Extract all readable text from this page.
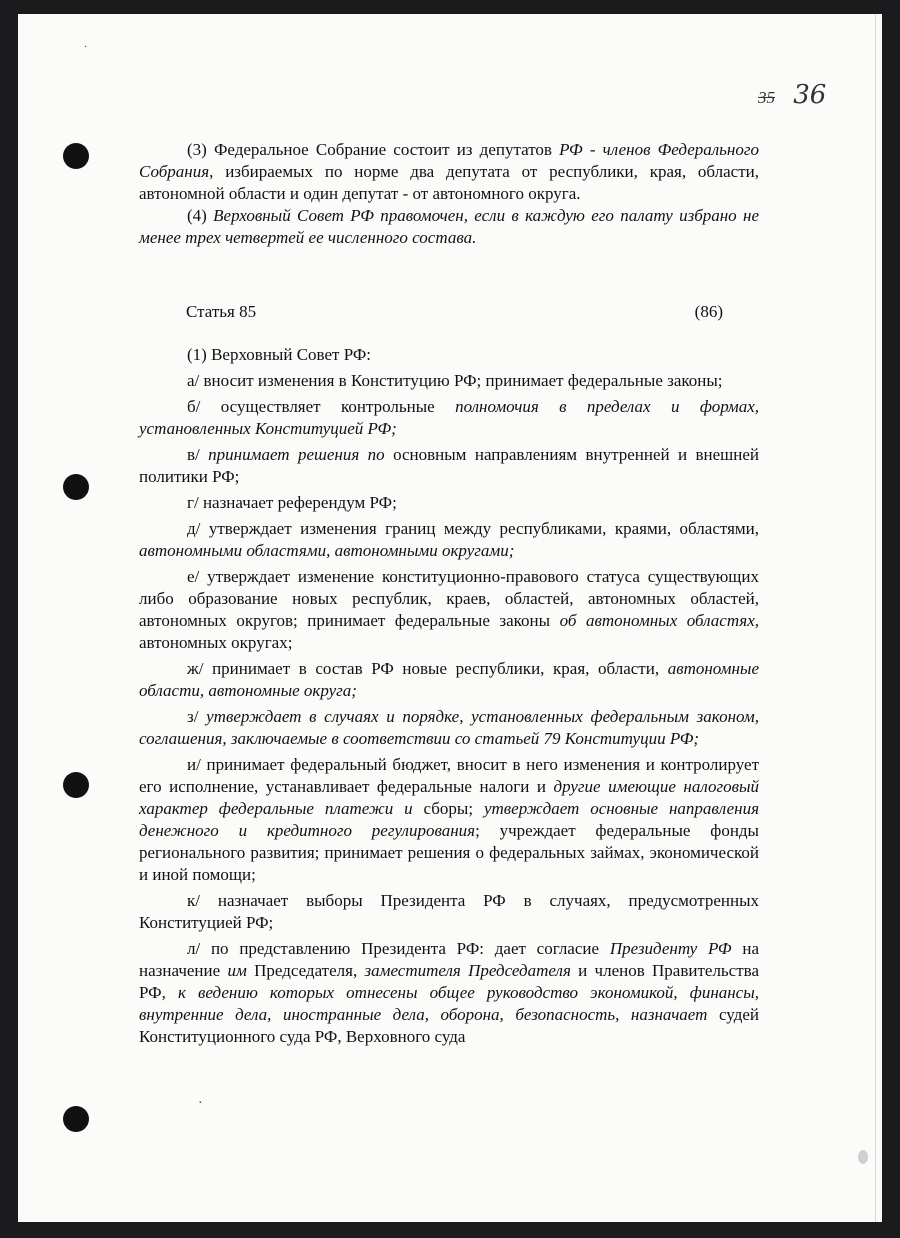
35 36

(3) Федеральное Собрание состоит из депутатов РФ - членов Федерального Собрания, избираемых по норме два депутата от республики, края, области, автономной области и один депутат - от автономного округа.

(4) Верховный Совет РФ правомочен, если в каждую его палату избрано не менее трех четвертей ее численного состава.

Статья 85	(86)

(1) Верховный Совет РФ:

а/ вносит изменения в Конституцию РФ; принимает федеральные законы;

б/ осуществляет контрольные полномочия в пределах и формах, установленных Конституцией РФ;

в/ принимает решения по основным направлениям внутренней и внешней политики РФ;

г/ назначает референдум РФ;

д/ утверждает изменения границ между республиками, краями, областями, автономными областями, автономными округами;

е/ утверждает изменение конституционно-правового статуса существующих либо образование новых республик, краев, областей, автономных областей, автономных округов; принимает федеральные законы об автономных областях, автономных округах;

ж/ принимает в состав РФ новые республики, края, области, автономные области, автономные округа;

з/ утверждает в случаях и порядке, установленных федеральным законом, соглашения, заключаемые в соответствии со статьей 79 Конституции РФ;

и/ принимает федеральный бюджет, вносит в него изменения и контролирует его исполнение, устанавливает федеральные налоги и другие имеющие налоговый характер федеральные платежи и сборы; утверждает основные направления денежного и кредитного регулирования; учреждает федеральные фонды регионального развития; принимает решения о федеральных займах, экономической и иной помощи;

к/ назначает выборы Президента РФ в случаях, предусмотренных Конституцией РФ;

л/ по представлению Президента РФ: дает согласие Президенту РФ на назначение им Председателя, заместителя Председателя и членов Правительства РФ, к ведению которых отнесены общее руководство экономикой, финансы, внутренние дела, иностранные дела, оборона, безопасность, назначает судей Конституционного суда РФ, Верховного суда

·
·
